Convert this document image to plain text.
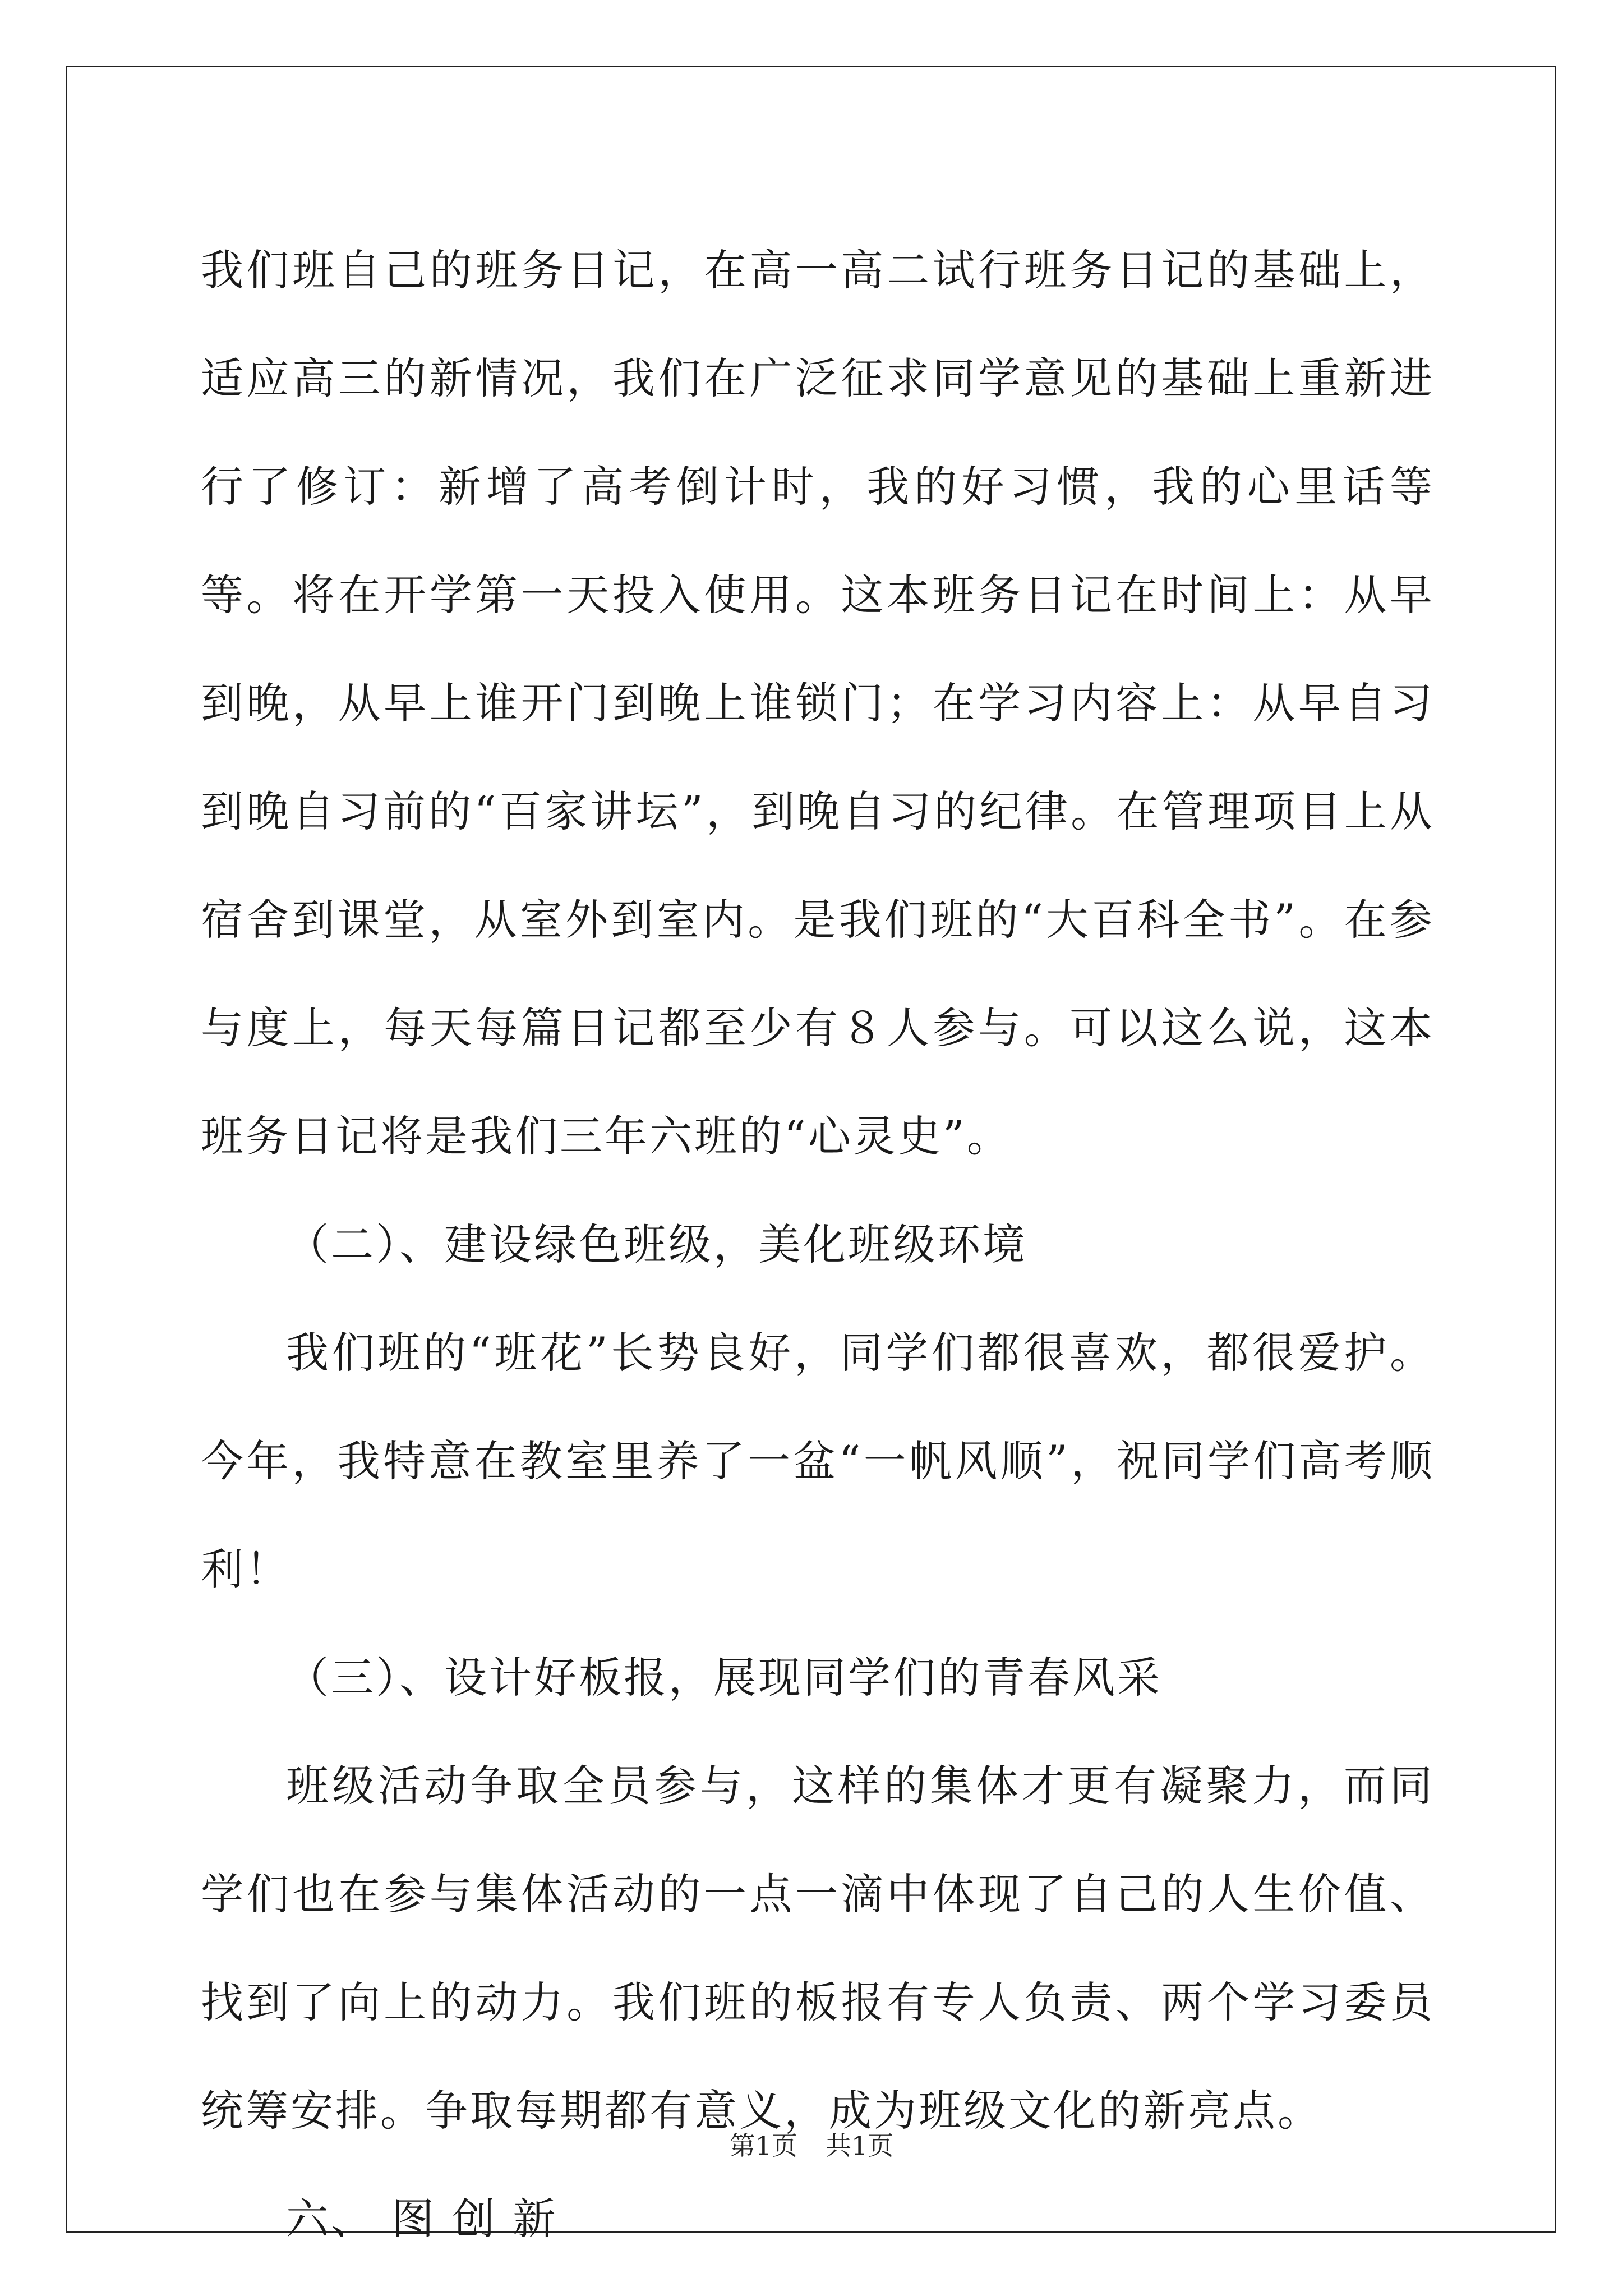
我们班自己的班务日记，在高一高二试行班务日记的基础上，适应高三的新情况，我们在广泛征求同学意见的基础上重新进行了修订：新增了高考倒计时，我的好习惯，我的心里话等等。将在开学第一天投入使用。这本班务日记在时间上：从早到晚，从早上谁开门到晚上谁锁门；在学习内容上：从早自习到晚自习前的“百家讲坛”，到晚自习的纪律。在管理项目上从宿舍到课堂，从室外到室内。是我们班的“大百科全书”。在参与度上，每天每篇日记都至少有８人参与。可以这么说，这本班务日记将是我们三年六班的“心灵史”。

（二）、建设绿色班级，美化班级环境

我们班的“班花”长势良好，同学们都很喜欢，都很爱护。今年，我特意在教室里养了一盆“一帆风顺”，祝同学们高考顺利！

（三）、设计好板报，展现同学们的青春风采

班级活动争取全员参与，这样的集体才更有凝聚力，而同学们也在参与集体活动的一点一滴中体现了自己的人生价值、找到了向上的动力。我们班的板报有专人负责、两个学习委员统筹安排。争取每期都有意义，成为班级文化的新亮点。

六、 图 创 新

第1页 共1页
